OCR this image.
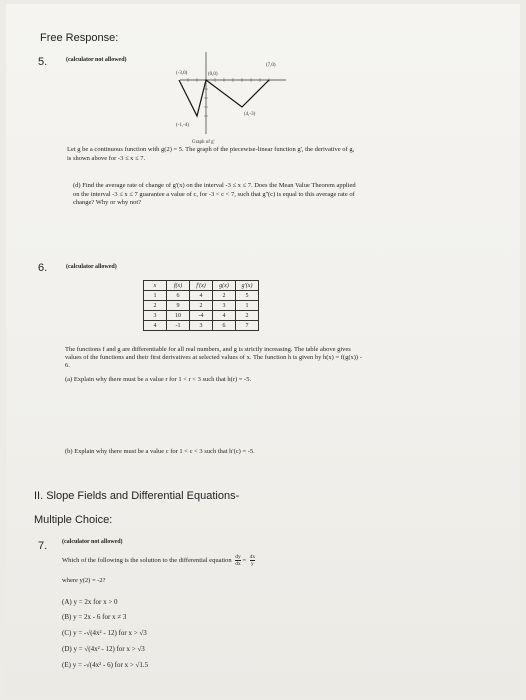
Free Response:
5.	(calculator not allowed)
(0,0)
(7,0)
(-3,0)
(4,-3)
(-1,-4)
Graph of g'
Let g be a continuous function with g(2) = 5. The graph of the piecewise-linear function g', the derivative of g, is shown above for -3 ≤ x ≤ 7.
(d) Find the average rate of change of g'(x) on the interval -3 ≤ x ≤ 7. Does the Mean Value Theorem applied on the interval -3 ≤ x ≤ 7 guarantee a value of c, for -3 < c < 7, such that g''(c) is equal to this average rate of change? Why or why not?
6.	(calculator allowed)
x	f(x)	f'(x)	g(x)	g'(x)
1	6	4	2	5
2	9	2	3	1
3	10	-4	4	2
4	-1	3	6	7
The functions f and g are differentiable for all real numbers, and g is strictly increasing. The table above gives values of the functions and their first derivatives at selected values of x. The function h is given by h(x) = f(g(x)) - 6.
(a) Explain why there must be a value r for 1 < r < 3 such that h(r) = -5.
(b) Explain why there must be a value c for 1 < c < 3 such that h'(c) = -5.
II. Slope Fields and Differential Equations-
Multiple Choice:
7. (calculator not allowed)
Which of the following is the solution to the differential equation $\frac{dy}{dx} = \frac{4x}{y}$
where y(2) = -2?
(A) y = 2x for x > 0
(B) y = 2x - 6 for x ≠ 3
(C) y = -√(4x² - 12) for x > √3
(D) y = √(4x² - 12) for x > √3
(E) y = -√(4x² - 6) for x > √1.5
